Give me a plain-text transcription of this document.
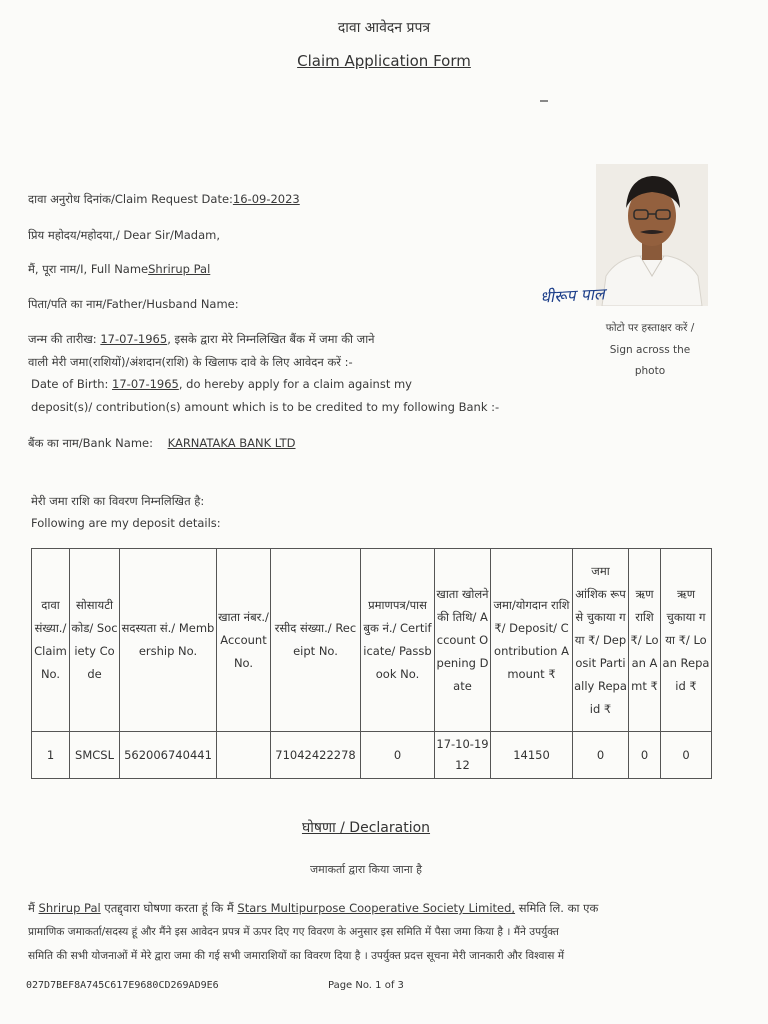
दावा आवेदन प्रपत्र
Claim Application Form
दावा अनुरोध दिनांक/Claim Request Date:16-09-2023
प्रिय महोदय/महोदया,/ Dear Sir/Madam,
मैं, पूरा नाम/I, Full NameShrirup Pal
पिता/पति का नाम/Father/Husband Name:
जन्म की तारीख: 17-07-1965, इसके द्वारा मेरे निम्नलिखित बैंक में जमा की जाने
वाली मेरी जमा(राशियों)/अंशदान(राशि) के खिलाफ दावे के लिए आवेदन करें :-
Date of Birth: 17-07-1965, do hereby apply for a claim against my
deposit(s)/ contribution(s) amount which is to be credited to my following Bank :-
बैंक का नाम/Bank Name: KARNATAKA BANK LTD
मेरी जमा राशि का विवरण निम्नलिखित है:
Following are my deposit details:
धीरूप पाल
फोटो पर हस्ताक्षर करें /
Sign across the
photo
दावा संख्या./ Claim No.	सोसायटी कोड/ Society Code	सदस्यता सं./ Membership No.	खाता नंबर./ Account No.	रसीद संख्या./ Receipt No.	प्रमाणपत्र/पासबुक नं./ Certificate/ Passbook No.	खाता खोलने की तिथि/ Account Opening Date	जमा/योगदान राशि ₹/ Deposit/ Contribution Amount ₹	जमा आंशिक रूप से चुकाया गया ₹/ Deposit Partially Repaid ₹	ऋण राशि ₹/ Loan Amt ₹	ऋण चुकाया गया ₹/ Loan Repaid ₹
1	SMCSL	562006740441		71042422278	0	17-10-1912	14150	0	0	0
घोषणा / Declaration
जमाकर्ता द्वारा किया जाना है
मैं Shrirup Pal एतद्द्वारा घोषणा करता हूं कि मैं Stars Multipurpose Cooperative Society Limited, समिति लि. का एक
प्रामाणिक जमाकर्ता/सदस्य हूं और मैंने इस आवेदन प्रपत्र में ऊपर दिए गए विवरण के अनुसार इस समिति में पैसा जमा किया है । मैंने उपर्युक्त
समिति की सभी योजनाओं में मेरे द्वारा जमा की गई सभी जमाराशियों का विवरण दिया है । उपर्युक्त प्रदत्त सूचना मेरी जानकारी और विश्वास में
027D7BEF8A745C617E9680CD269AD9E6	Page No. 1 of 3
